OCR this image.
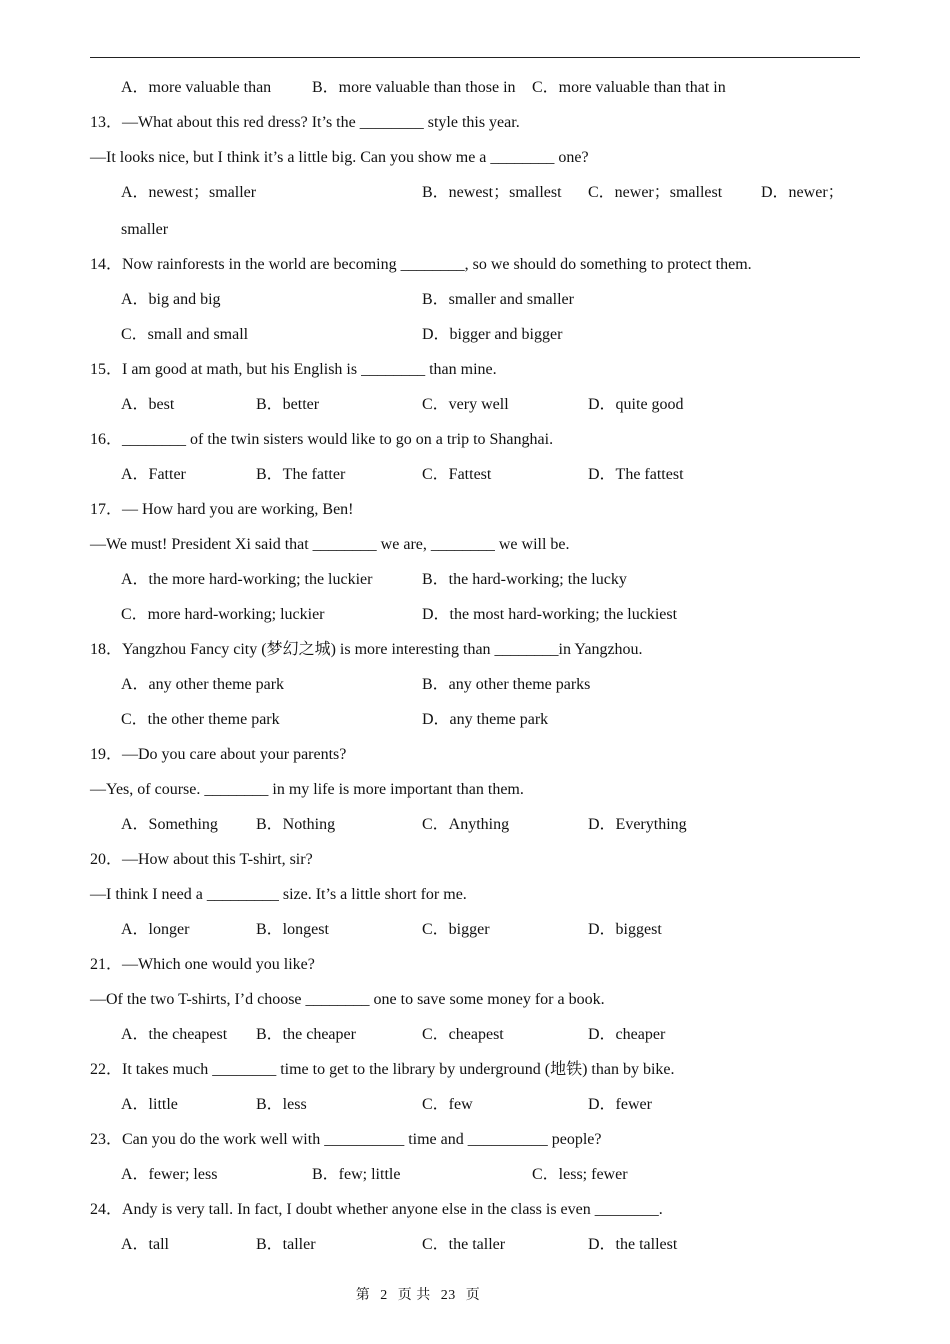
A．more valuable than	B．more valuable than those in C．more valuable than that in
13．—What about this red dress? It’s the ________ style this year.
—It looks nice, but I think it’s a little big. Can you show me a ________ one?
A．newest；smaller	B．newest；smallest C．newer；smallest D．newer；
smaller
14．Now rainforests in the world are becoming ________, so we should do something to protect them.
A．big and big	B．smaller and smaller
C．small and small	D．bigger and bigger
15．I am good at math, but his English is ________ than mine.
A．best	B．better	C．very well	D．quite good
16．________ of the twin sisters would like to go on a trip to Shanghai.
A．Fatter	B．The fatter	C．Fattest	D．The fattest
17．— How hard you are working, Ben!
—We must! President Xi said that ________ we are, ________ we will be.
A．the more hard-working; the luckier	B．the hard-working; the lucky
C．more hard-working; luckier	D．the most hard-working; the luckiest
18．Yangzhou Fancy city (梦幻之城) is more interesting than ________in Yangzhou.
A．any other theme park	B．any other theme parks
C．the other theme park	D．any theme park
19．—Do you care about your parents?
—Yes, of course. ________ in my life is more important than them.
A．Something B．Nothing	C．Anything	D．Everything
20．—How about this T-shirt, sir?
—I think I need a _________ size. It’s a little short for me.
A．longer	B．longest	C．bigger	D．biggest
21．—Which one would you like?
—Of the two T-shirts, I’d choose ________ one to save some money for a book.
A．the cheapest B．the cheaper	C．cheapest	D．cheaper
22．It takes much ________ time to get to the library by underground (地铁) than by bike.
A．little	B．less	C．few	D．fewer
23．Can you do the work well with __________ time and __________ people?
A．fewer; less	B．few; little	C．less; fewer
24．Andy is very tall. In fact, I doubt whether anyone else in the class is even ________.
A．tall	B．taller	C．the taller	D．the tallest
第 2 页 共 23 页
